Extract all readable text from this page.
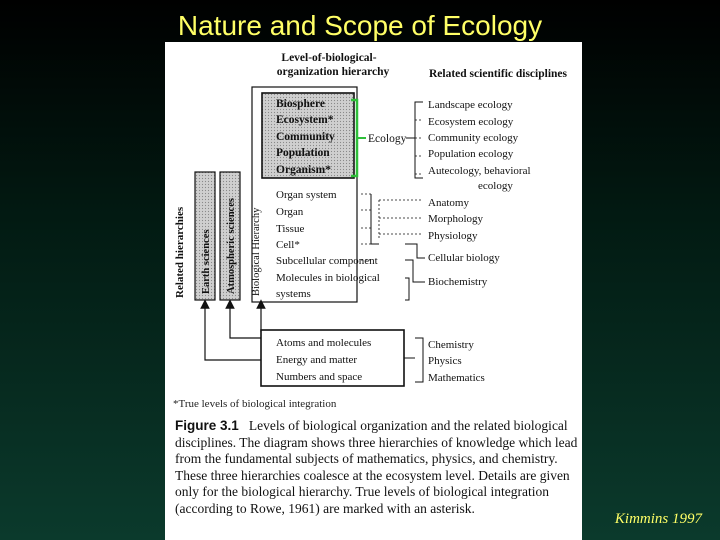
Nature and Scope of Ecology
Level-of-biological-
organization hierarchy	Related scientific disciplines
Biosphere
Ecosystem*
Community
Population
Organism*
Ecology
Landscape ecology
Ecosystem ecology
Community ecology
Population ecology
Autecology, behavioral
ecology
Organ system
Organ
Tissue
Cell*
Subcellular component
Molecules in biological
systems
Anatomy
Morphology
Physiology
Cellular biology
Biochemistry
Related hierarchies Earth sciences Atmospheric sciences Biological Hierarchy
Atoms and molecules
Energy and matter
Numbers and space
Chemistry
Physics
Mathematics
*True levels of biological integration
Figure 3.1 Levels of biological organization and the related biological disciplines. The diagram shows three hierarchies of knowledge which lead from the fundamental subjects of mathematics, physics, and chemistry. These three hierarchies coalesce at the ecosystem level. Details are given only for the biological hierarchy. True levels of biological integration (according to Rowe, 1961) are marked with an asterisk.
Kimmins 1997
